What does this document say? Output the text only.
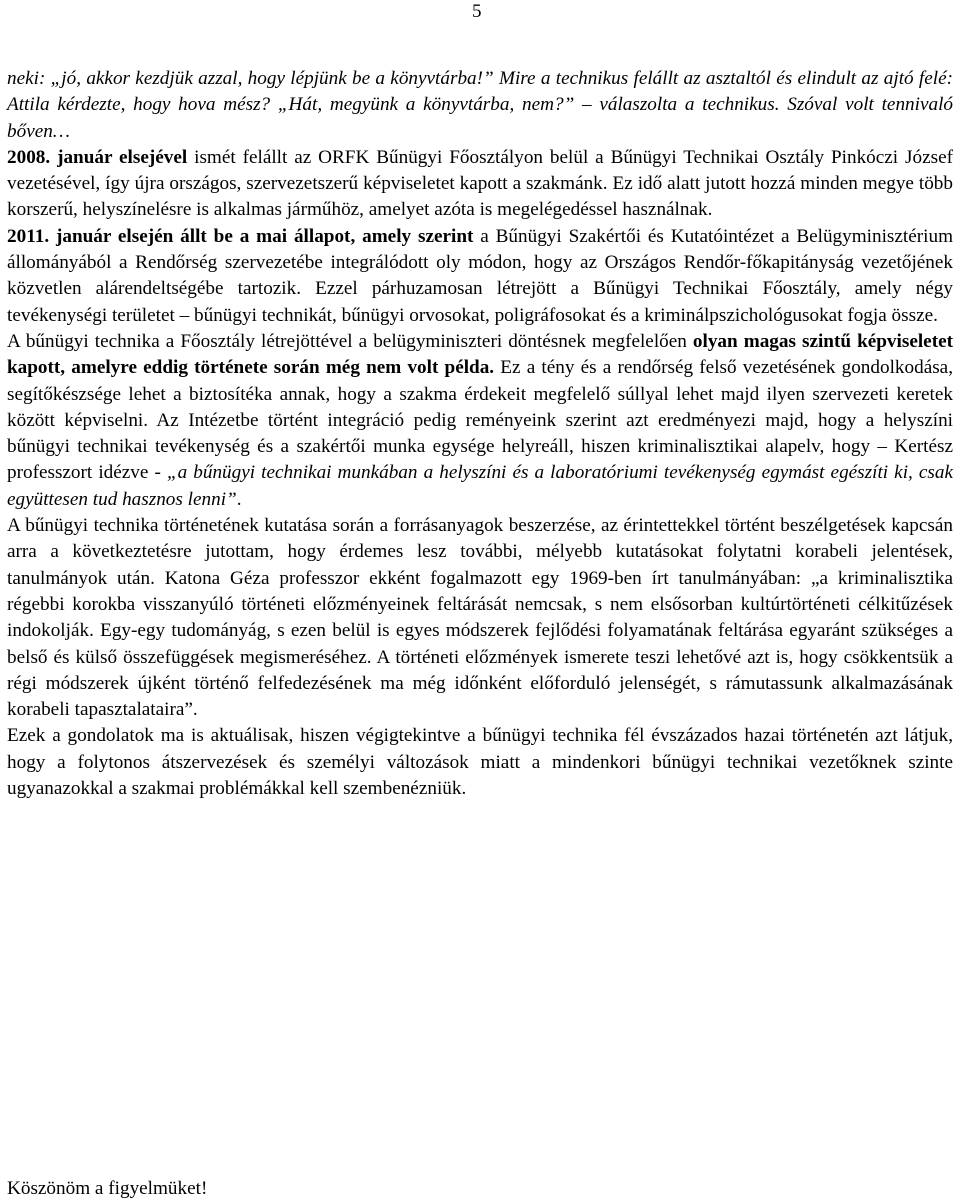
5

neki: „jó, akkor kezdjük azzal, hogy lépjünk be a könyvtárba!” Mire a technikus felállt az asztaltól és elindult az ajtó felé: Attila kérdezte, hogy hova mész? „Hát, megyünk a könyvtárba, nem?” – válaszolta a technikus. Szóval volt tennivaló bőven…

2008. január elsejével ismét felállt az ORFK Bűnügyi Főosztályon belül a Bűnügyi Technikai Osztály Pinkóczi József vezetésével, így újra országos, szervezetszerű képviseletet kapott a szakmánk. Ez idő alatt jutott hozzá minden megye több korszerű, helyszínelésre is alkalmas járműhöz, amelyet azóta is megelégedéssel használnak.

2011. január elsején állt be a mai állapot, amely szerint a Bűnügyi Szakértői és Kutatóintézet a Belügyminisztérium állományából a Rendőrség szervezetébe integrálódott oly módon, hogy az Országos Rendőr-főkapitányság vezetőjének közvetlen alárendeltségébe tartozik. Ezzel párhuzamosan létrejött a Bűnügyi Technikai Főosztály, amely négy tevékenységi területet – bűnügyi technikát, bűnügyi orvosokat, poligráfosokat és a kriminálpszichológusokat fogja össze.

A bűnügyi technika a Főosztály létrejöttével a belügyminiszteri döntésnek megfelelően olyan magas szintű képviseletet kapott, amelyre eddig története során még nem volt példa. Ez a tény és a rendőrség felső vezetésének gondolkodása, segítőkészsége lehet a biztosítéka annak, hogy a szakma érdekeit megfelelő súllyal lehet majd ilyen szervezeti keretek között képviselni. Az Intézetbe történt integráció pedig reményeink szerint azt eredményezi majd, hogy a helyszíni bűnügyi technikai tevékenység és a szakértői munka egysége helyreáll, hiszen kriminalisztikai alapelv, hogy – Kertész professzort idézve - „a bűnügyi technikai munkában a helyszíni és a laboratóriumi tevékenység egymást egészíti ki, csak együttesen tud hasznos lenni”.

A bűnügyi technika történetének kutatása során a forrásanyagok beszerzése, az érintettekkel történt beszélgetések kapcsán arra a következtetésre jutottam, hogy érdemes lesz további, mélyebb kutatásokat folytatni korabeli jelentések, tanulmányok után. Katona Géza professzor ekként fogalmazott egy 1969-ben írt tanulmányában: „a kriminalisztika régebbi korokba visszanyúló történeti előzményeinek feltárását nemcsak, s nem elsősorban kultúrtörténeti célkitűzések indokolják. Egy-egy tudományág, s ezen belül is egyes módszerek fejlődési folyamatának feltárása egyaránt szükséges a belső és külső összefüggések megismeréséhez. A történeti előzmények ismerete teszi lehetővé azt is, hogy csökkentsük a régi módszerek újként történő felfedezésének ma még időnként előforduló jelenségét, s rámutassunk alkalmazásának korabeli tapasztalataira”.

Ezek a gondolatok ma is aktuálisak, hiszen végigtekintve a bűnügyi technika fél évszázados hazai történetén azt látjuk, hogy a folytonos átszervezések és személyi változások miatt a mindenkori bűnügyi technikai vezetőknek szinte ugyanazokkal a szakmai problémákkal kell szembenézniük.

Köszönöm a figyelmüket!
